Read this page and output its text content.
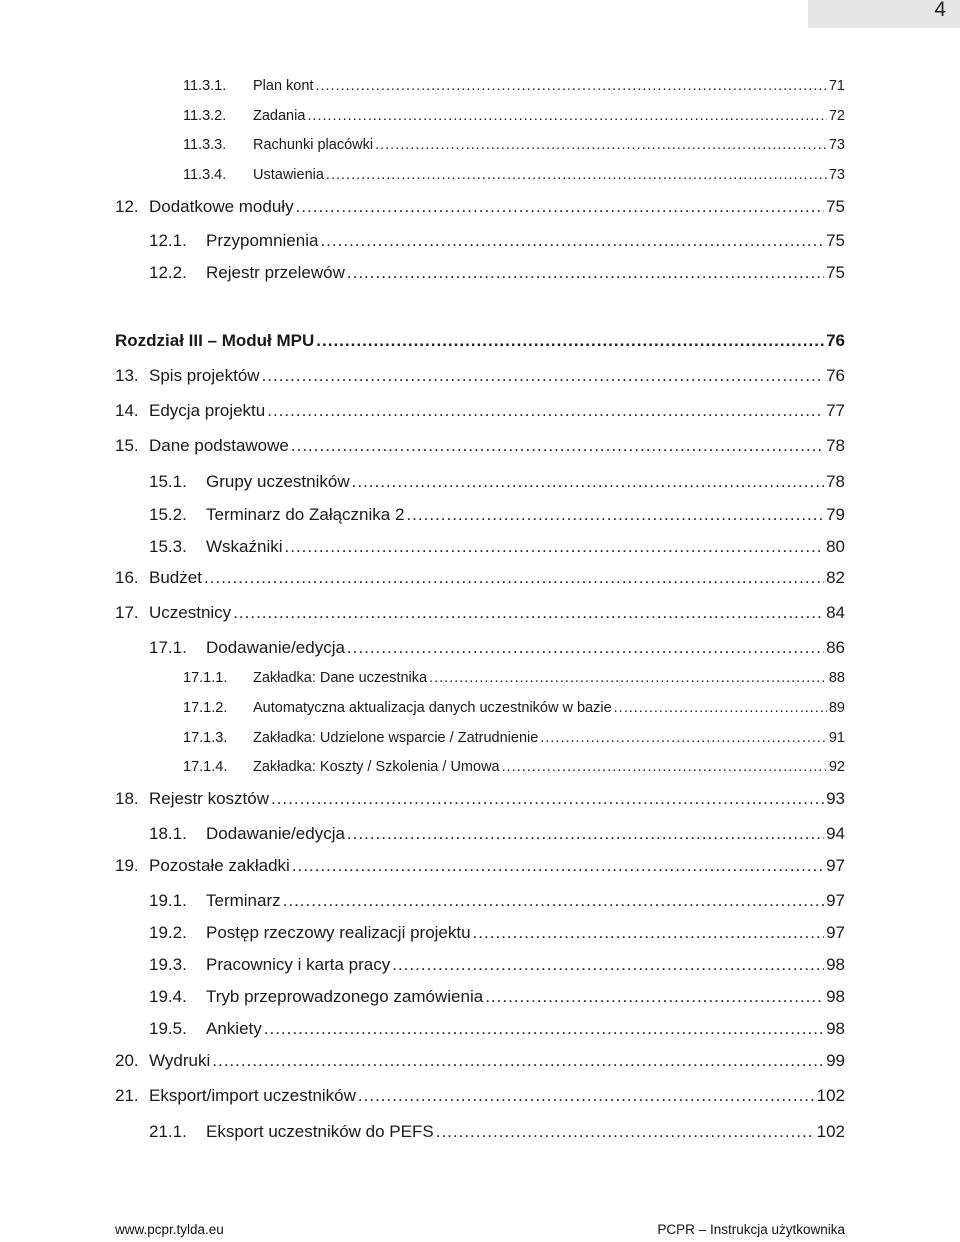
4
11.3.1.	Plan kont .....	71
11.3.2.	Zadania .....	72
11.3.3.	Rachunki placówki .....	73
11.3.4.	Ustawienia .....	73
12. Dodatkowe moduły .....	75
12.1.	Przypomnienia .....	75
12.2.	Rejestr przelewów .....	75
Rozdział III – Moduł MPU .....	76
13. Spis projektów .....	76
14. Edycja projektu .....	77
15. Dane podstawowe .....	78
15.1.	Grupy uczestników .....	78
15.2.	Terminarz do Załącznika 2 .....	79
15.3.	Wskaźniki .....	80
16. Budżet .....	82
17. Uczestnicy .....	84
17.1.	Dodawanie/edycja .....	86
17.1.1.	Zakładka: Dane uczestnika .....	88
17.1.2.	Automatyczna aktualizacja danych uczestników w bazie .....	89
17.1.3.	Zakładka: Udzielone wsparcie / Zatrudnienie .....	91
17.1.4.	Zakładka: Koszty / Szkolenia / Umowa .....	92
18. Rejestr kosztów .....	93
18.1.	Dodawanie/edycja .....	94
19. Pozostałe zakładki .....	97
19.1.	Terminarz .....	97
19.2.	Postęp rzeczowy realizacji projektu .....	97
19.3.	Pracownicy i karta pracy .....	98
19.4.	Tryb przeprowadzonego zamówienia .....	98
19.5.	Ankiety .....	98
20. Wydruki .....	99
21. Eksport/import uczestników .....	102
21.1.	Eksport uczestników do PEFS .....	102
www.pcpr.tylda.eu	PCPR – Instrukcja użytkownika
